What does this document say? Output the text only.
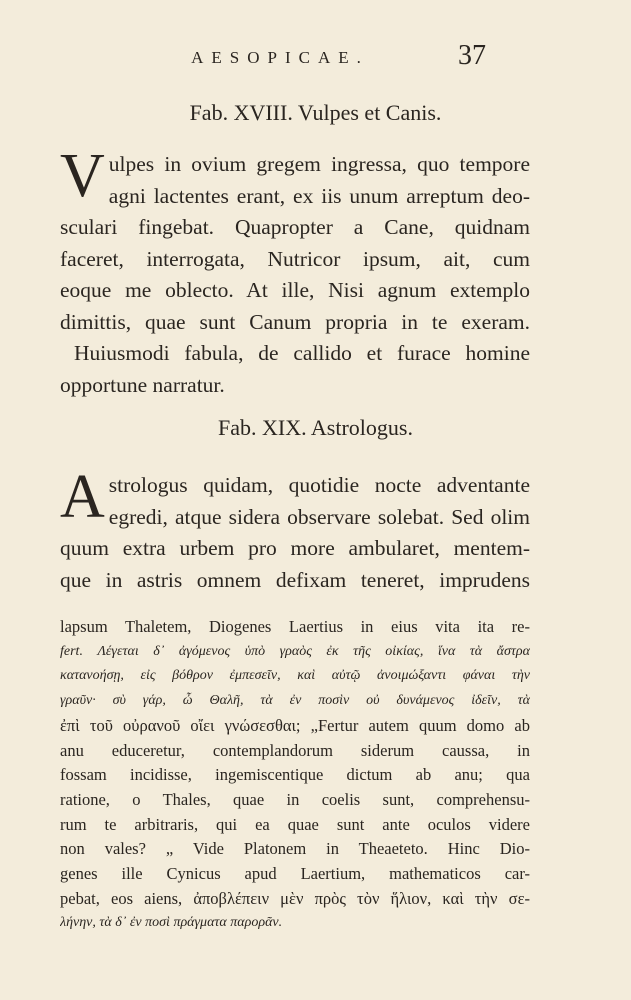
AESOPICAE.	37
Fab. XVIII. Vulpes et Canis.
V ulpes in ovium gregem ingressa, quo tempore
agni lactentes erant, ex iis unum arreptum deo-
sculari fingebat. Quapropter a Cane, quidnam
faceret, interrogata, Nutricor ipsum, ait, cum
eoque me oblecto. At ille, Nisi agnum extemplo
dimittis, quae sunt Canum propria in te exeram.
Huiusmodi fabula, de callido et furace homine
opportune narratur.
Fab. XIX. Astrologus.
A strologus quidam, quotidie nocte adventante
egredi, atque sidera observare solebat. Sed olim
quum extra urbem pro more ambularet, mentem-
que in astris omnem defixam teneret, imprudens
lapsum Thaletem, Diogenes Laertius in eius vita ita re-
fert. Λέγεται δ᾽ ἀγόμενος ὑπὸ γραὸς ἐκ τῆς οἰκίας, ἵνα τὰ ἄστρα
κατανοήσῃ, εἰς βόθρον ἐμπεσεῖν, καὶ αὐτῷ ἀνοιμώξαντι φάναι τὴν
γραῦν· σὺ γάρ, ὦ Θαλῆ, τὰ ἐν ποσὶν οὐ δυνάμενος ἰδεῖν, τὰ
ἐπὶ τοῦ οὐρανοῦ οἴει γνώσεσθαι; „Fertur autem quum domo ab
anu educeretur, contemplandorum siderum caussa, in
fossam incidisse, ingemiscentique dictum ab anu; qua
ratione, o Thales, quae in coelis sunt, comprehensu-
rum te arbitraris, qui ea quae sunt ante oculos videre
non vales? „ Vide Platonem in Theaeteto. Hinc Dio-
genes ille Cynicus apud Laertium, mathematicos car-
pebat, eos aiens, ἀποβλέπειν μὲν πρὸς τὸν ἥλιον, καὶ τὴν σε-
λήνην, τὰ δ᾽ ἐν ποσὶ πράγματα παρορᾶν.
